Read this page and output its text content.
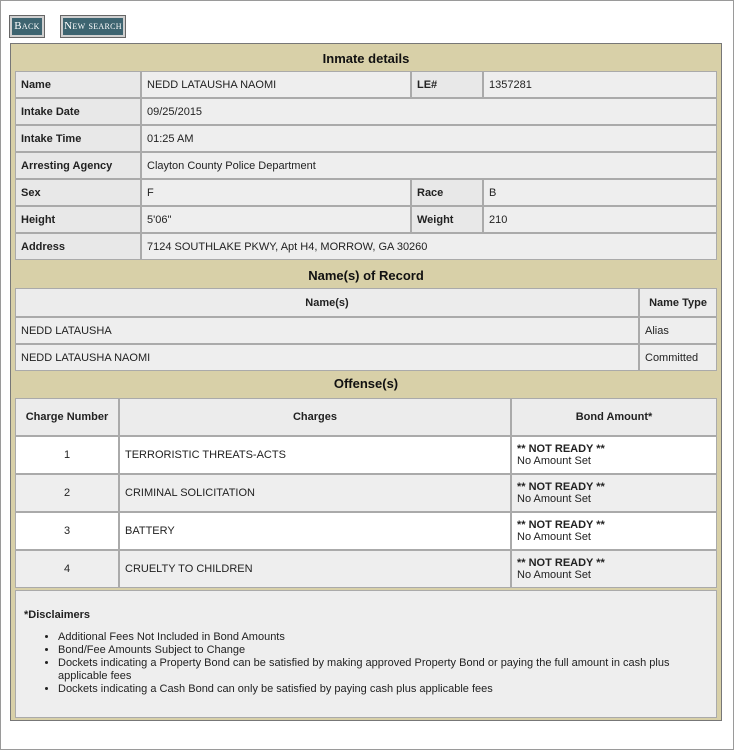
Back	New search
Inmate details
Name	NEDD LATAUSHA NAOMI	LE#	1357281
Intake Date	09/25/2015		
Intake Time	01:25 AM		
Arresting Agency	Clayton County Police Department		
Sex	F	Race	B
Height	5'06"	Weight	210
Address	7124 SOUTHLAKE PKWY, Apt H4, MORROW, GA 30260		
Name(s) of Record
Name(s)	Name Type
NEDD LATAUSHA	Alias
NEDD LATAUSHA NAOMI	Committed
Offense(s)
Charge Number	Charges	Bond Amount*
1	TERRORISTIC THREATS-ACTS	** NOT READY **
No Amount Set

2	CRIMINAL SOLICITATION	** NOT READY **
No Amount Set

3	BATTERY	** NOT READY **
No Amount Set

4	CRUELTY TO CHILDREN	** NOT READY **
No Amount Set
*Disclaimers
• Additional Fees Not Included in Bond Amounts
• Bond/Fee Amounts Subject to Change
• Dockets indicating a Property Bond can be satisfied by making approved Property Bond or paying the full amount in cash plus applicable fees
• Dockets indicating a Cash Bond can only be satisfied by paying cash plus applicable fees
